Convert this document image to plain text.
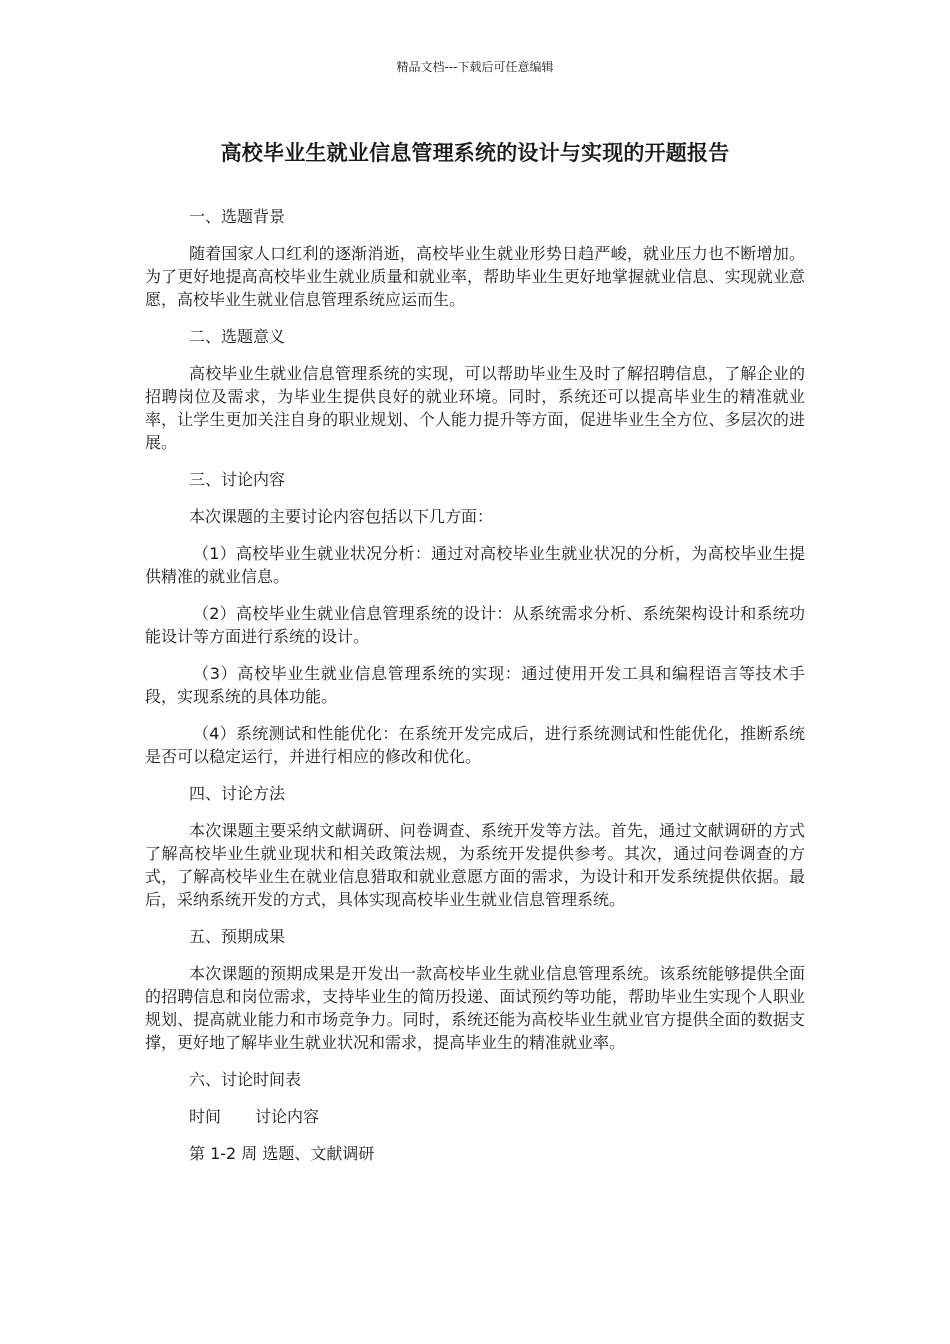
精品文档---下载后可任意编辑
高校毕业生就业信息管理系统的设计与实现的开题报告
一、选题背景
随着国家人口红利的逐渐消逝，高校毕业生就业形势日趋严峻，就业压力也不断增加。为了更好地提高高校毕业生就业质量和就业率，帮助毕业生更好地掌握就业信息、实现就业意愿，高校毕业生就业信息管理系统应运而生。
二、选题意义
高校毕业生就业信息管理系统的实现，可以帮助毕业生及时了解招聘信息，了解企业的招聘岗位及需求，为毕业生提供良好的就业环境。同时，系统还可以提高毕业生的精准就业率，让学生更加关注自身的职业规划、个人能力提升等方面，促进毕业生全方位、多层次的进展。
三、讨论内容
本次课题的主要讨论内容包括以下几方面：
（1）高校毕业生就业状况分析：通过对高校毕业生就业状况的分析，为高校毕业生提供精准的就业信息。
（2）高校毕业生就业信息管理系统的设计：从系统需求分析、系统架构设计和系统功能设计等方面进行系统的设计。
（3）高校毕业生就业信息管理系统的实现：通过使用开发工具和编程语言等技术手段，实现系统的具体功能。
（4）系统测试和性能优化：在系统开发完成后，进行系统测试和性能优化，推断系统是否可以稳定运行，并进行相应的修改和优化。
四、讨论方法
本次课题主要采纳文献调研、问卷调查、系统开发等方法。首先，通过文献调研的方式了解高校毕业生就业现状和相关政策法规，为系统开发提供参考。其次，通过问卷调查的方式，了解高校毕业生在就业信息猎取和就业意愿方面的需求，为设计和开发系统提供依据。最后，采纳系统开发的方式，具体实现高校毕业生就业信息管理系统。
五、预期成果
本次课题的预期成果是开发出一款高校毕业生就业信息管理系统。该系统能够提供全面的招聘信息和岗位需求，支持毕业生的简历投递、面试预约等功能，帮助毕业生实现个人职业规划、提高就业能力和市场竞争力。同时，系统还能为高校毕业生就业官方提供全面的数据支撑，更好地了解毕业生就业状况和需求，提高毕业生的精准就业率。
六、讨论时间表
时间 讨论内容
第 1-2 周 选题、文献调研
